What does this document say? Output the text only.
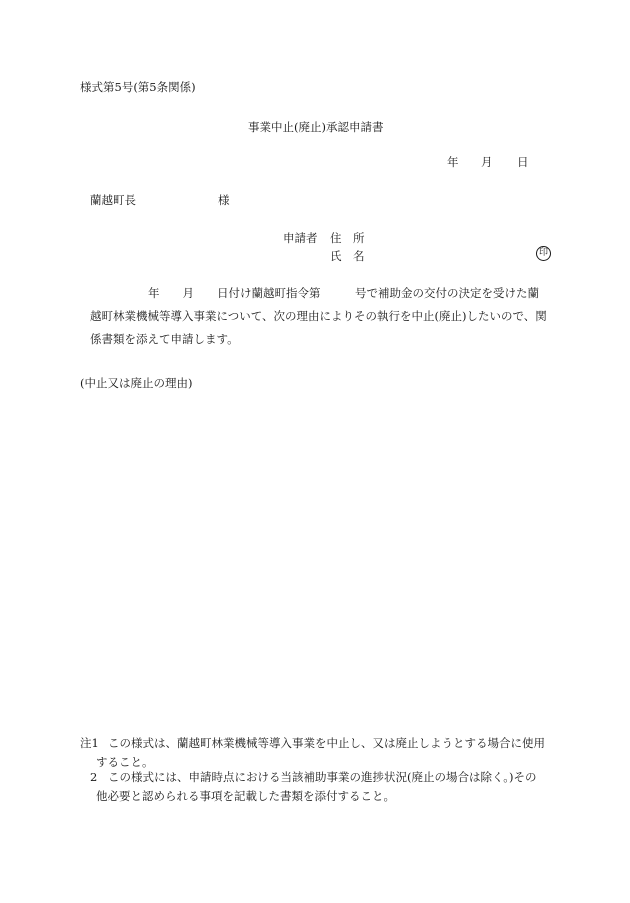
様式第5号(第5条関係)
事業中止(廃止)承認申請書
年 月 日
蘭越町長	様
申請者 住　所
氏　名	印
年　　月　　日付け蘭越町指令第　　　号で補助金の交付の決定を受けた蘭
越町林業機械等導入事業について、次の理由によりその執行を中止(廃止)したいので、関
係書類を添えて申請します。
(中止又は廃止の理由)
注1 この様式は、蘭越町林業機械等導入事業を中止し、又は廃止しようとする場合に使用
すること。
2 この様式には、申請時点における当該補助事業の進捗状況(廃止の場合は除く。)その
他必要と認められる事項を記載した書類を添付すること。
